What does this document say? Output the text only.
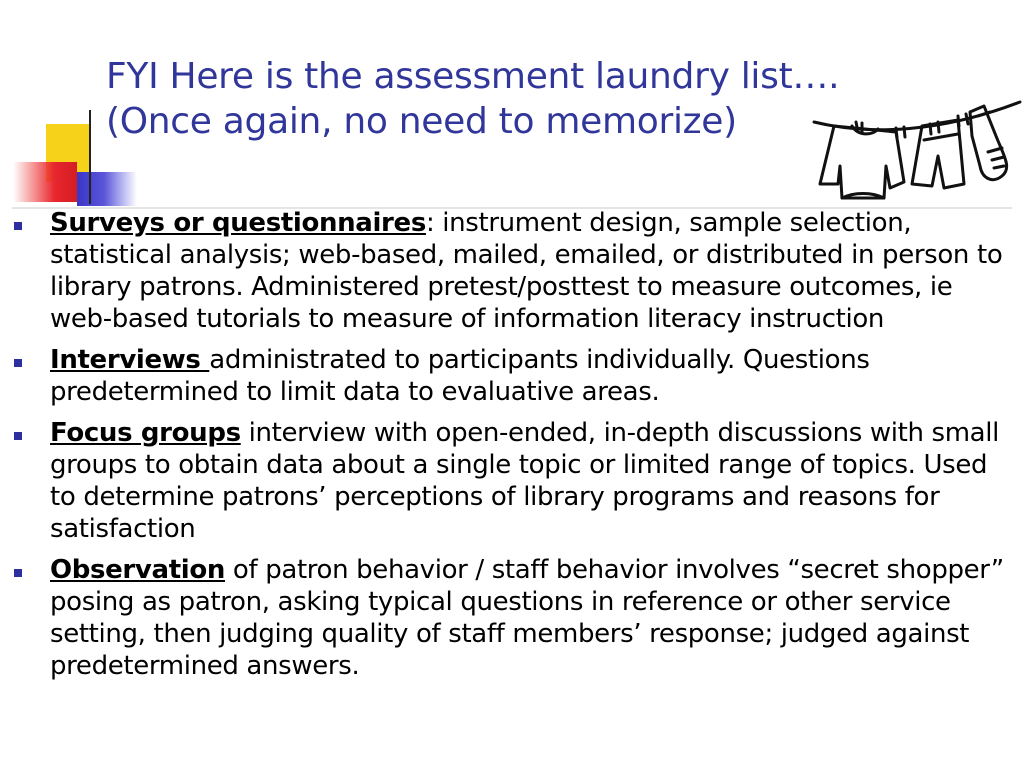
FYI Here is the assessment laundry list….
(Once again, no need to memorize)
Surveys or questionnaires: instrument design, sample selection, statistical analysis; web-based, mailed, emailed, or distributed in person to library patrons. Administered pretest/posttest to measure outcomes, ie web-based tutorials to measure of information literacy instruction
Interviews administrated to participants individually. Questions predetermined to limit data to evaluative areas.
Focus groups interview with open-ended, in-depth discussions with small groups to obtain data about a single topic or limited range of topics. Used to determine patrons’ perceptions of library programs and reasons for satisfaction
Observation of patron behavior / staff behavior involves “secret shopper” posing as patron, asking typical questions in reference or other service setting, then judging quality of staff members’ response; judged against predetermined answers.
